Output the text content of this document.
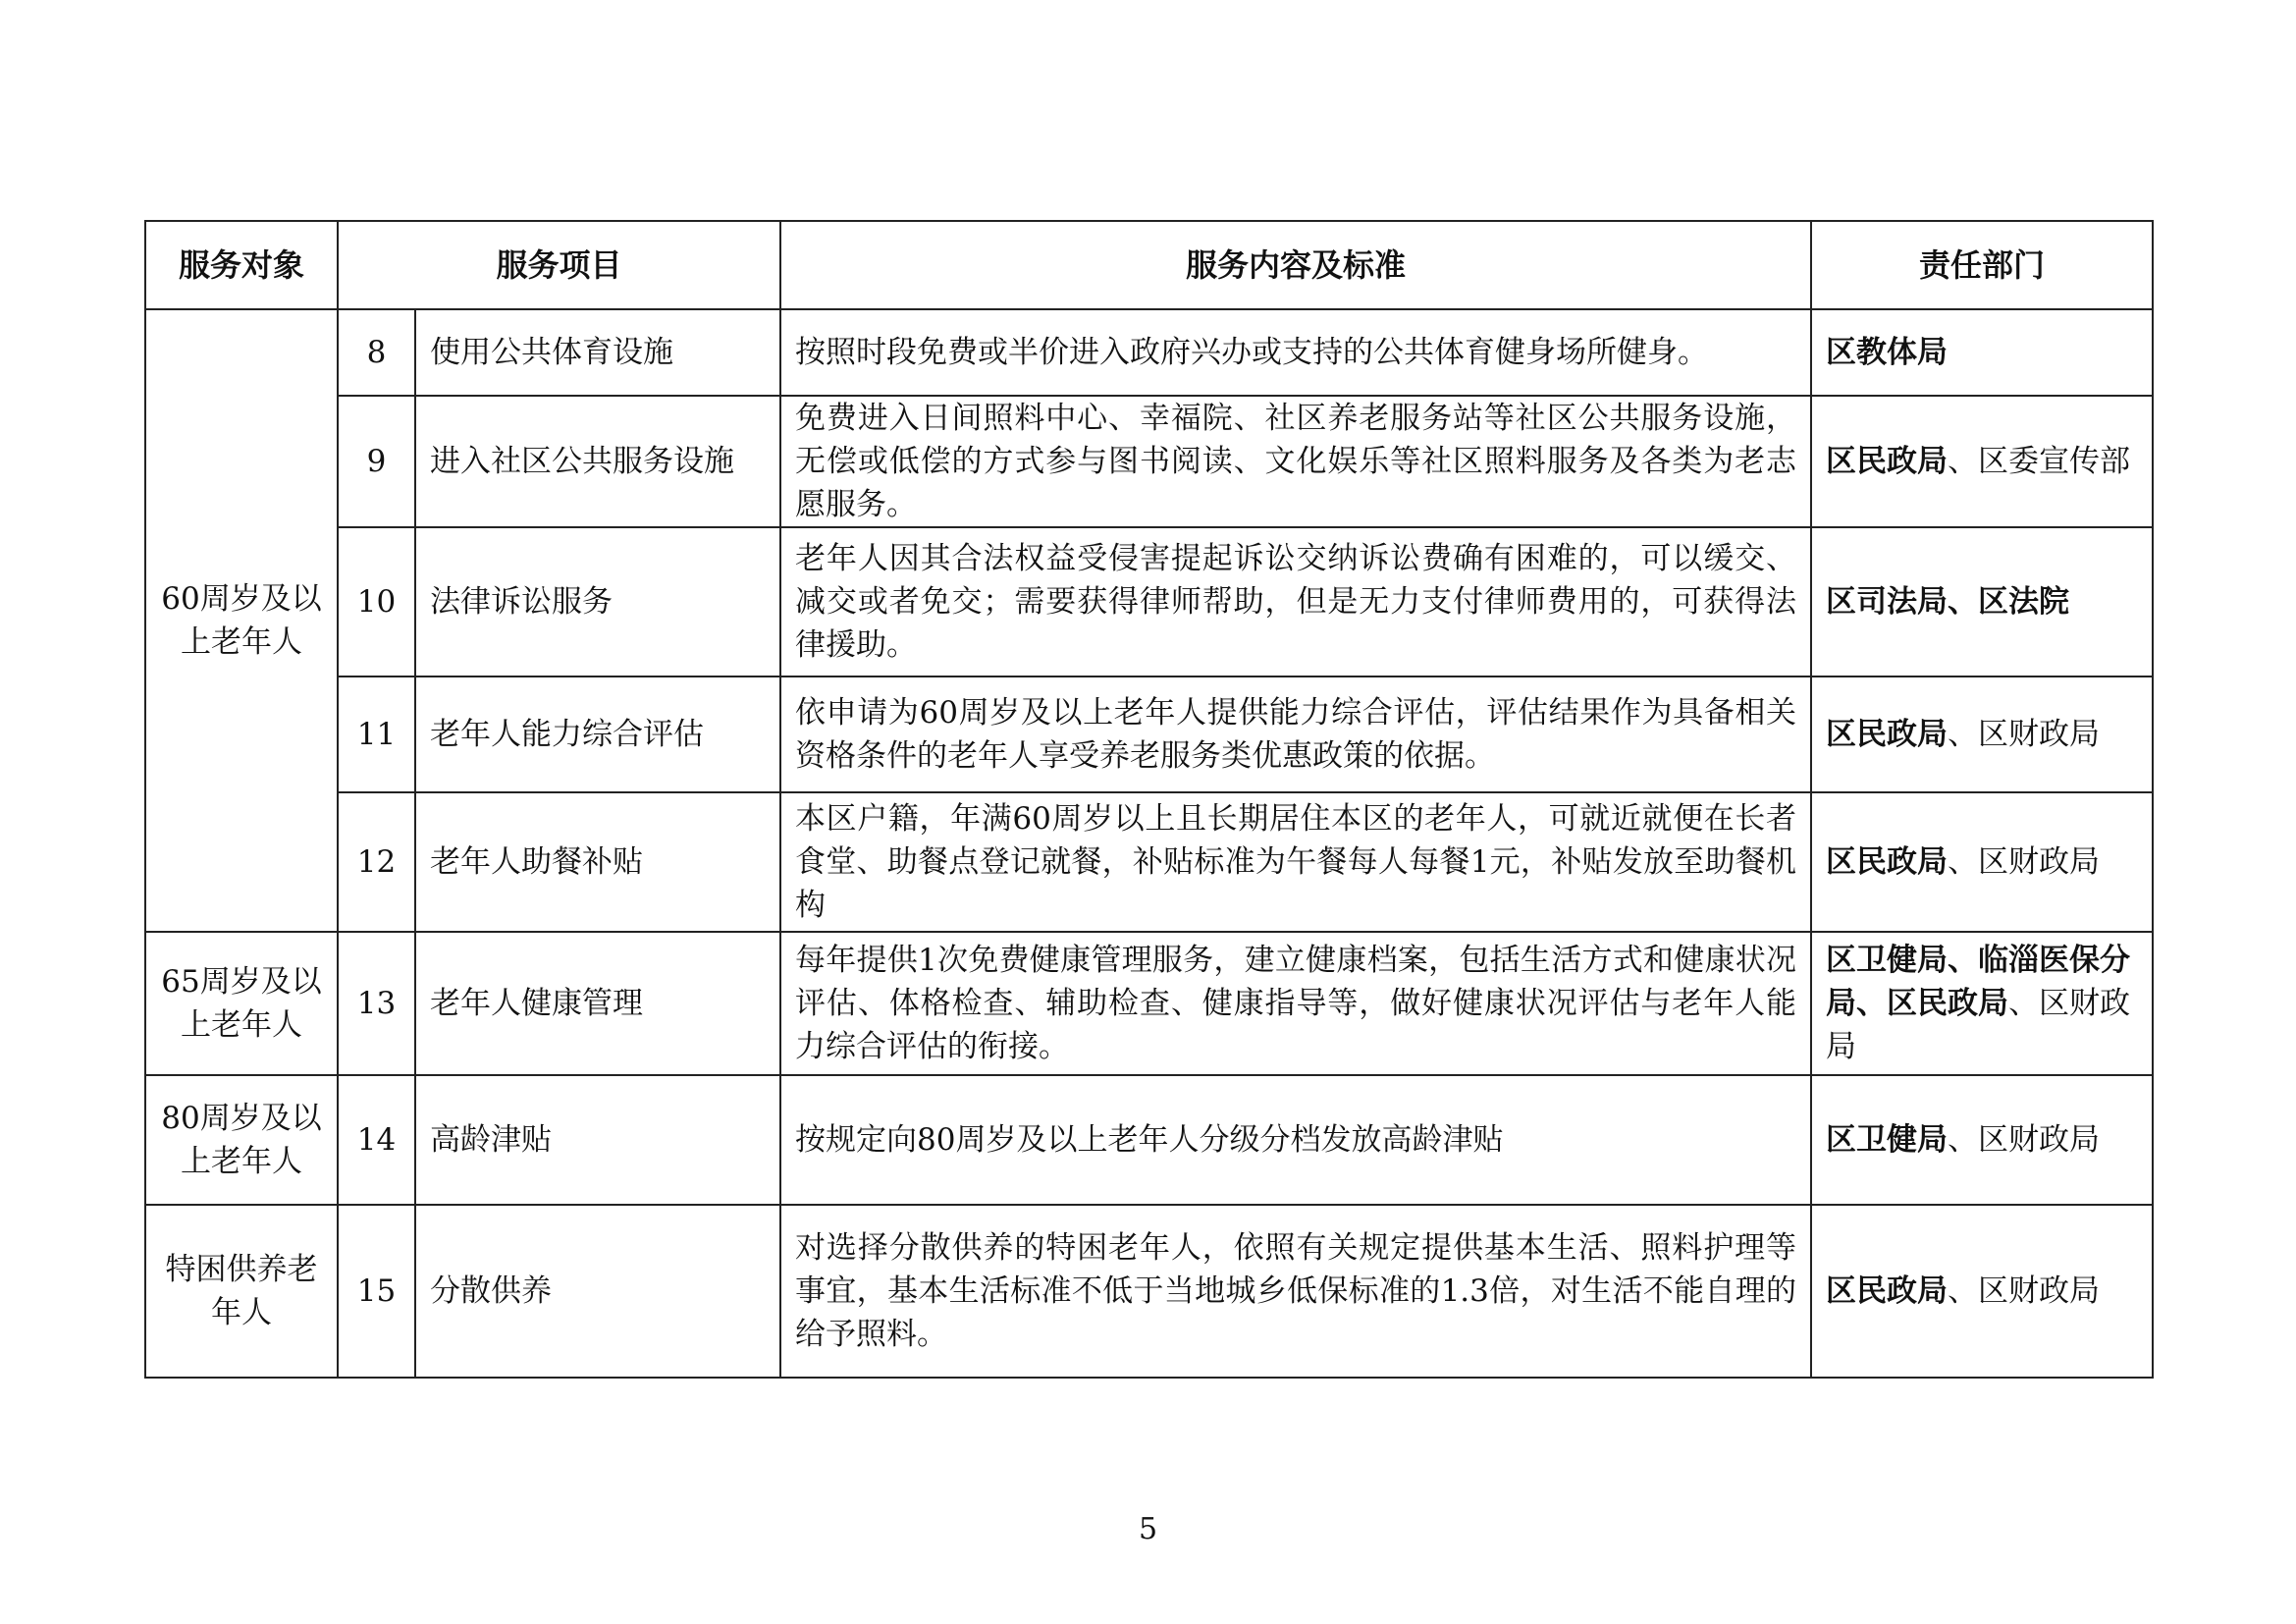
服务对象	服务项目		服务内容及标准	责任部门
60周岁及以上老年人	8	使用公共体育设施	按照时段免费或半价进入政府兴办或支持的公共体育健身场所健身。	区教体局
	9	进入社区公共服务设施	免费进入日间照料中心、幸福院、社区养老服务站等社区公共服务设施，无偿或低偿的方式参与图书阅读、文化娱乐等社区照料服务及各类为老志愿服务。	区民政局、区委宣传部
	10	法律诉讼服务	老年人因其合法权益受侵害提起诉讼交纳诉讼费确有困难的，可以缓交、减交或者免交；需要获得律师帮助，但是无力支付律师费用的，可获得法律援助。	区司法局、区法院
	11	老年人能力综合评估	依申请为60周岁及以上老年人提供能力综合评估，评估结果作为具备相关资格条件的老年人享受养老服务类优惠政策的依据。	区民政局、区财政局
	12	老年人助餐补贴	本区户籍，年满60周岁以上且长期居住本区的老年人，可就近就便在长者食堂、助餐点登记就餐，补贴标准为午餐每人每餐1元，补贴发放至助餐机构	区民政局、区财政局
65周岁及以上老年人	13	老年人健康管理	每年提供1次免费健康管理服务，建立健康档案，包括生活方式和健康状况评估、体格检查、辅助检查、健康指导等，做好健康状况评估与老年人能力综合评估的衔接。	区卫健局、临淄医保分局、区民政局、区财政局
80周岁及以上老年人	14	高龄津贴	按规定向80周岁及以上老年人分级分档发放高龄津贴	区卫健局、区财政局
特困供养老年人	15	分散供养	对选择分散供养的特困老年人，依照有关规定提供基本生活、照料护理等事宜，基本生活标准不低于当地城乡低保标准的1.3倍，对生活不能自理的给予照料。	区民政局、区财政局
5
